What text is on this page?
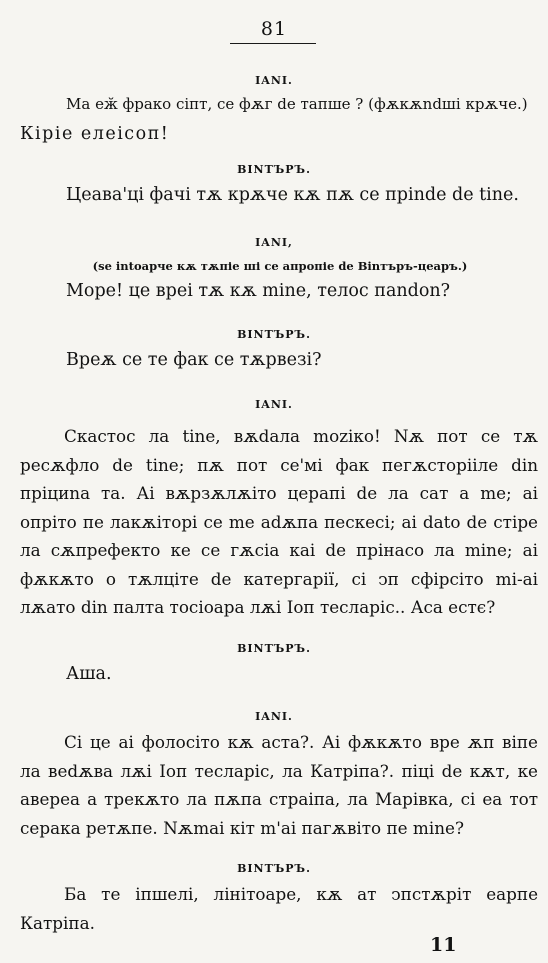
81
IANI.
Ма еӂ фрако сіпт, се фѫг de тапше ? (фѫкѫndшi крѫче.)
Кіріе елеісоп!
ВІNТЪРЪ.
Цеава'ці фачі тѫ крѫче кѫ пѫ се прinde de tine.
IANI,
(se intoарче кѫ тѫпіе ші се апропіе de Вinтъръ-цеаръ.)
Море! це вреі тѫ кѫ mine, телос пandon?
ВІNТЪРЪ.
Вреѫ се те фак се тѫрвезі?
IANI.
Скастос ла tine, вѫdала moziко! Nѫ пот се тѫ ресѫфло de tine; пѫ пот се'мі фак пегѫсторііле din прiциnа та. Аі вѫрзѫлѫіто церапі de ла сат а me; аі опріто пе лакѫіторі се me adѫпа пескесі; аі dato de стіре ла сѫпрефекто ке се гѫсіа каі de прінасо ла mine; аі фѫкѫто о тѫлціте de катергарії, сі ↄп сфірсіто mі-аі лѫато din палта тосіоара лѫі Іоп тесларіс.. Аса естє?
ВІNТЪРЪ.
Аша.
IANI.
Сі це аі фолосіто кѫ аста?. Аі фѫкѫто вре ѫп віпе ла вedѫва лѫі Іоп тесларіс, ла Катріпа?. піці de кѫт, ке авереа а трекѫто ла пѫпа страіпа, ла Марівка, сі еа тот серака ретѫпе. Nѫmaі кіт m'аі пагѫвіто пе mine?
ВІNТЪРЪ.
Ба те іпшелі, лінітоаре, кѫ ат ↄпстѫріт еарпе Катріпа.
11
